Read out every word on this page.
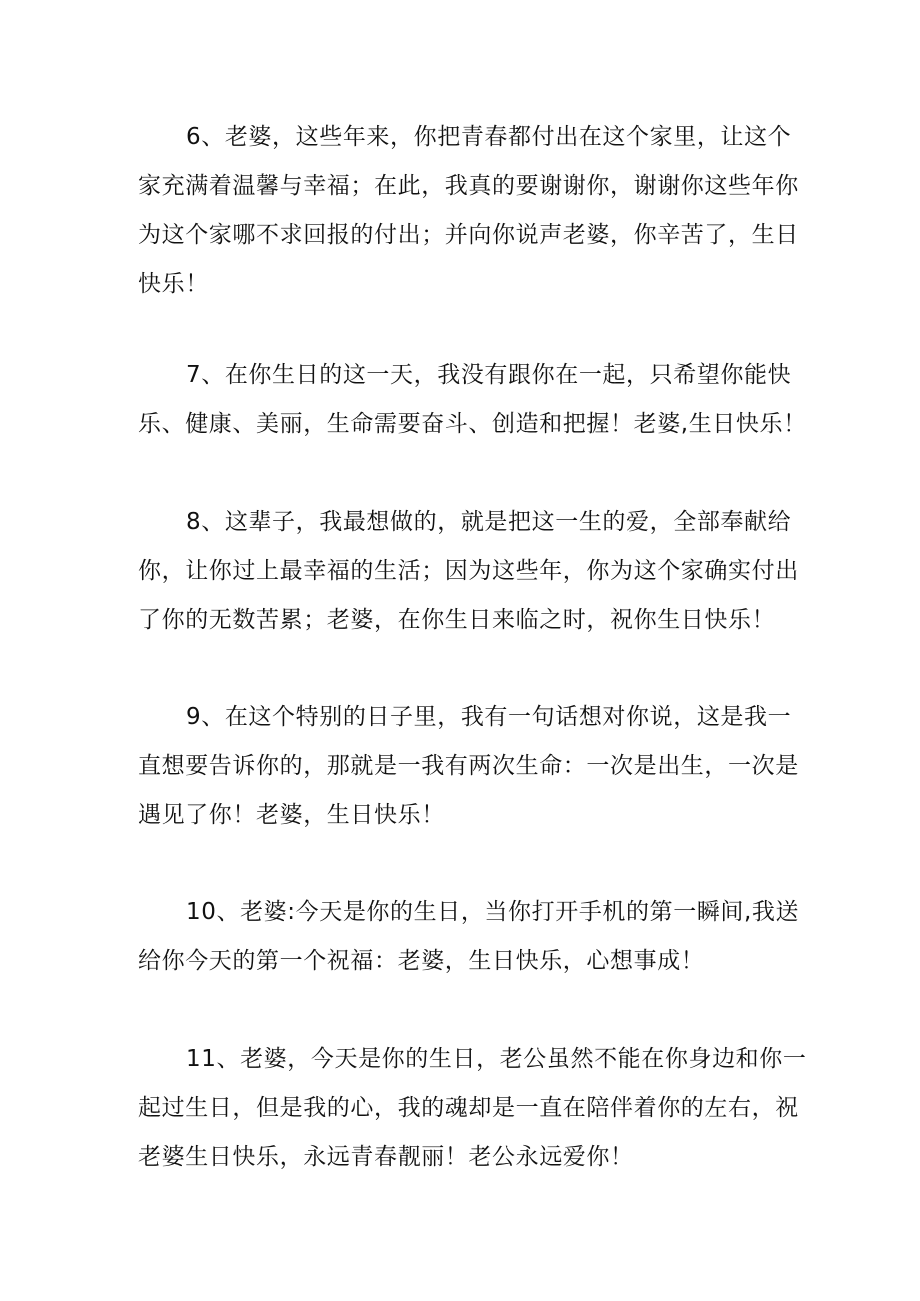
6、老婆，这些年来，你把青春都付出在这个家里，让这个
家充满着温馨与幸福；在此，我真的要谢谢你，谢谢你这些年你
为这个家哪不求回报的付出；并向你说声老婆，你辛苦了，生日
快乐！

7、在你生日的这一天，我没有跟你在一起，只希望你能快
乐、健康、美丽，生命需要奋斗、创造和把握！老婆,生日快乐！

8、这辈子，我最想做的，就是把这一生的爱，全部奉献给
你，让你过上最幸福的生活；因为这些年，你为这个家确实付出
了你的无数苦累；老婆，在你生日来临之时，祝你生日快乐！

9、在这个特别的日子里，我有一句话想对你说，这是我一
直想要告诉你的，那就是一我有两次生命：一次是出生，一次是
遇见了你！老婆，生日快乐！

10、老婆:今天是你的生日，当你打开手机的第一瞬间,我送
给你今天的第一个祝福：老婆，生日快乐，心想事成！

11、老婆，今天是你的生日，老公虽然不能在你身边和你一
起过生日，但是我的心，我的魂却是一直在陪伴着你的左右，祝
老婆生日快乐，永远青春靓丽！老公永远爱你！
